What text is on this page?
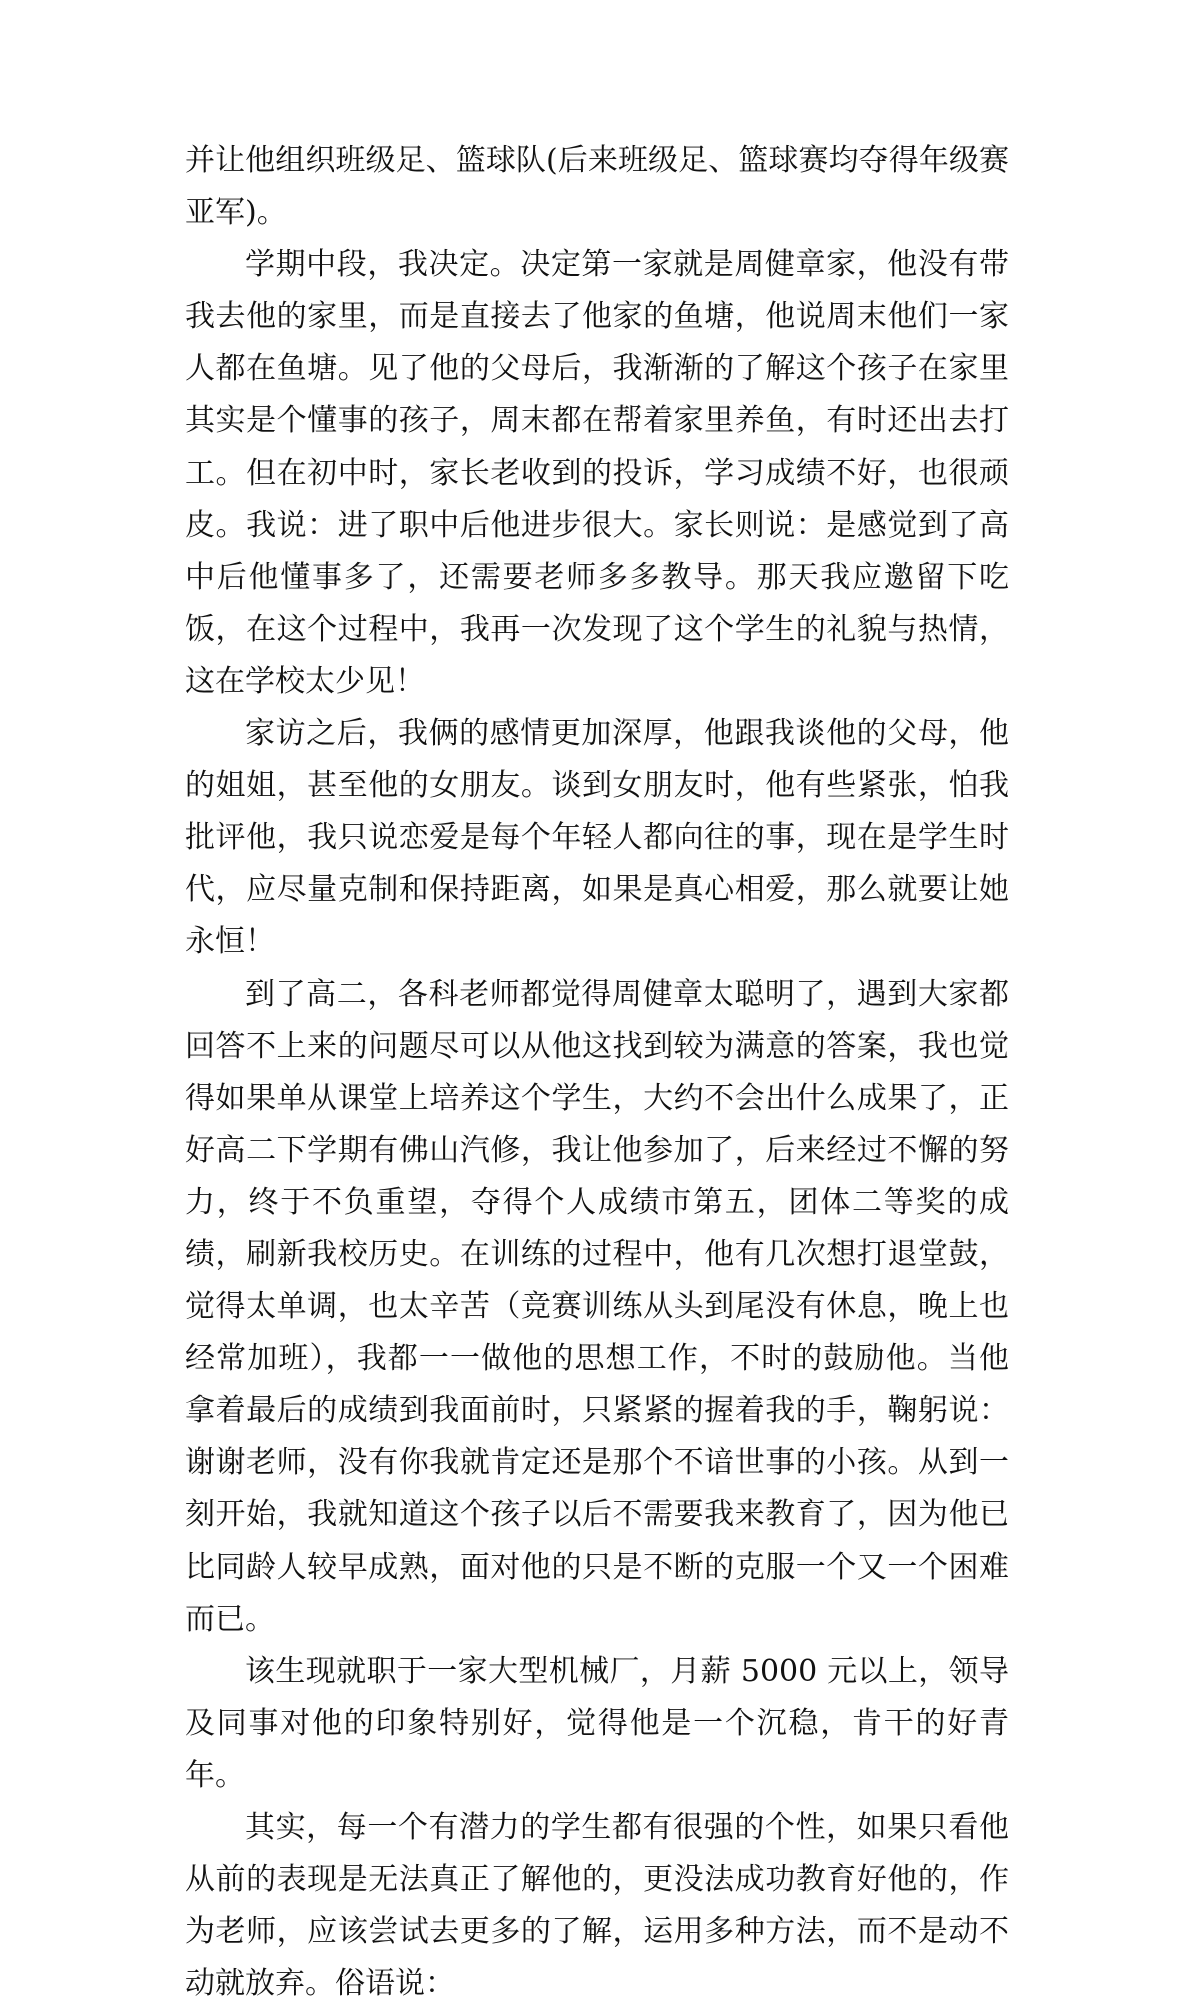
并让他组织班级足、篮球队(后来班级足、篮球赛均夺得年级赛亚军)。

学期中段，我决定。决定第一家就是周健章家，他没有带我去他的家里，而是直接去了他家的鱼塘，他说周末他们一家人都在鱼塘。见了他的父母后，我渐渐的了解这个孩子在家里其实是个懂事的孩子，周末都在帮着家里养鱼，有时还出去打工。但在初中时，家长老收到的投诉，学习成绩不好，也很顽皮。我说：进了职中后他进步很大。家长则说：是感觉到了高中后他懂事多了，还需要老师多多教导。那天我应邀留下吃饭，在这个过程中，我再一次发现了这个学生的礼貌与热情，这在学校太少见！

家访之后，我俩的感情更加深厚，他跟我谈他的父母，他的姐姐，甚至他的女朋友。谈到女朋友时，他有些紧张，怕我批评他，我只说恋爱是每个年轻人都向往的事，现在是学生时代，应尽量克制和保持距离，如果是真心相爱，那么就要让她永恒！

到了高二，各科老师都觉得周健章太聪明了，遇到大家都回答不上来的问题尽可以从他这找到较为满意的答案，我也觉得如果单从课堂上培养这个学生，大约不会出什么成果了，正好高二下学期有佛山汽修，我让他参加了，后来经过不懈的努力，终于不负重望，夺得个人成绩市第五，团体二等奖的成绩，刷新我校历史。在训练的过程中，他有几次想打退堂鼓，觉得太单调，也太辛苦（竞赛训练从头到尾没有休息，晚上也经常加班），我都一一做他的思想工作，不时的鼓励他。当他拿着最后的成绩到我面前时，只紧紧的握着我的手，鞠躬说：谢谢老师，没有你我就肯定还是那个不谙世事的小孩。从到一刻开始，我就知道这个孩子以后不需要我来教育了，因为他已比同龄人较早成熟，面对他的只是不断的克服一个又一个困难而已。

该生现就职于一家大型机械厂，月薪 5000 元以上，领导及同事对他的印象特别好，觉得他是一个沉稳，肯干的好青年。

其实，每一个有潜力的学生都有很强的个性，如果只看他从前的表现是无法真正了解他的，更没法成功教育好他的，作为老师，应该尝试去更多的了解，运用多种方法，而不是动不动就放弃。俗语说：
